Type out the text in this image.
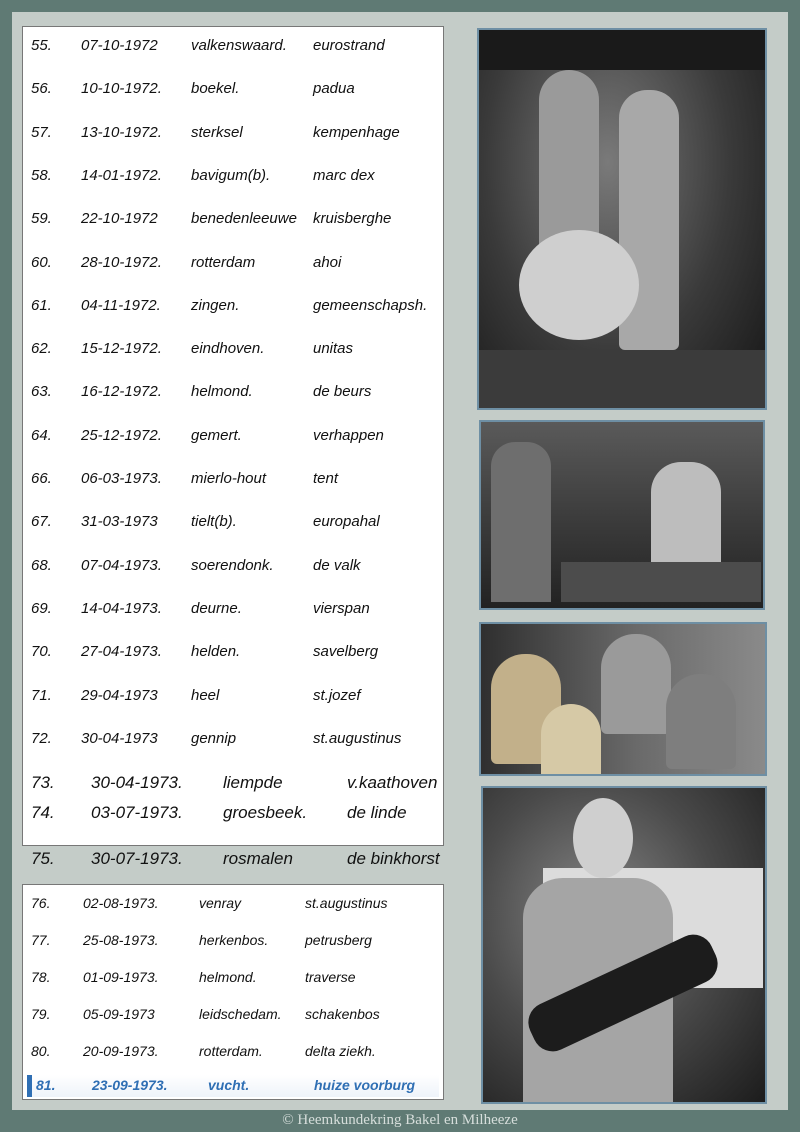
55. 07-10-1972 valkenswaard. eurostrand
56. 10-10-1972. boekel.	padua
57. 13-10-1972. sterksel	kempenhage
58. 14-01-1972. bavigum(b).	marc dex
59. 22-10-1972 benedenleeuwe kruisberghe
60. 28-10-1972. rotterdam	ahoi
61. 04-11-1972. zingen.	gemeenschapsh.
62. 15-12-1972. eindhoven.	unitas
63. 16-12-1972. helmond.	de beurs
64. 25-12-1972. gemert.	verhappen
66. 06-03-1973. mierlo-hout	tent
67. 31-03-1973 tielt(b).	europahal
68. 07-04-1973. soerendonk.	de valk
69. 14-04-1973. deurne.	vierspan
70. 27-04-1973. helden.	savelberg
71. 29-04-1973 heel	st.jozef
72. 30-04-1973 gennip	st.augustinus
73. 30-04-1973. liempde	v.kaathoven
74. 03-07-1973. groesbeek. de linde
75. 30-07-1973. rosmalen	de binkhorst
76. 02-08-1973.	venray	st.augustinus
77. 25-08-1973.	herkenbos.	petrusberg
78. 01-09-1973.	helmond.	traverse
79. 05-09-1973	leidschedam. schakenbos
80. 20-09-1973.	rotterdam.	delta ziekh.
81.	23-09-1973.	vucht.	huize voorburg
© Heemkundekring Bakel en Milheeze
